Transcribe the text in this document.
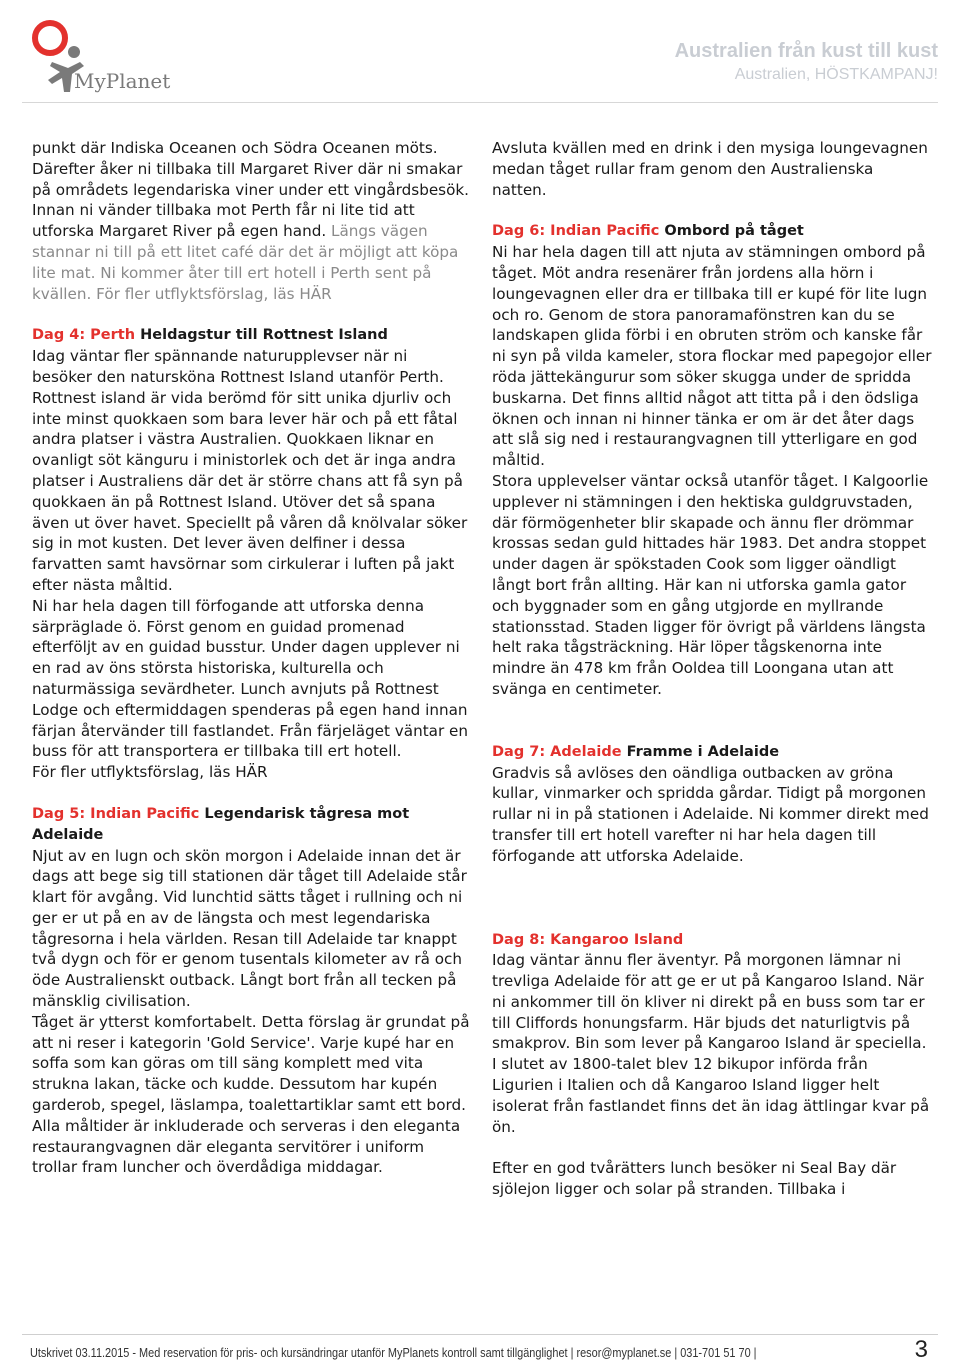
MyPlanet
Australien från kust till kust
Australien, HÖSTKAMPANJ!

punkt där Indiska Oceanen och Södra Oceanen möts. Därefter åker ni tillbaka till Margaret River där ni smakar på områdets legendariska viner under ett vingårdsbesök. Innan ni vänder tillbaka mot Perth får ni lite tid att utforska Margaret River på egen hand. Längs vägen stannar ni till på ett litet café där det är möjligt att köpa lite mat. Ni kommer åter till ert hotell i Perth sent på kvällen. För fler utflyktsförslag, läs HÄR

Dag 4: Perth Heldagstur till Rottnest Island

Idag väntar fler spännande naturupplevser när ni besöker den natursköna Rottnest Island utanför Perth. Rottnest island är vida berömd för sitt unika djurliv och inte minst quokkaen som bara lever här och på ett fåtal andra platser i västra Australien. Quokkaen liknar en ovanligt söt känguru i ministorlek och det är inga andra platser i Australiens där det är större chans att få syn på quokkaen än på Rottnest Island. Utöver det så spana även ut över havet. Speciellt på våren då knölvalar söker sig in mot kusten. Det lever även delfiner i dessa farvatten samt havsörnar som cirkulerar i luften på jakt efter nästa måltid.

Ni har hela dagen till förfogande att utforska denna särpräglade ö. Först genom en guidad promenad efterföljt av en guidad busstur. Under dagen upplever ni en rad av öns största historiska, kulturella och naturmässiga sevärdheter. Lunch avnjuts på Rottnest Lodge och eftermiddagen spenderas på egen hand innan färjan återvänder till fastlandet. Från färjeläget väntar en buss för att transportera er tillbaka till ert hotell.

För fler utflyktsförslag, läs HÄR

Dag 5: Indian Pacific Legendarisk tågresa mot Adelaide

Njut av en lugn och skön morgon i Adelaide innan det är dags att bege sig till stationen där tåget till Adelaide står klart för avgång. Vid lunchtid sätts tåget i rullning och ni ger er ut på en av de längsta och mest legendariska tågresorna i hela världen. Resan till Adelaide tar knappt två dygn och för er genom tusentals kilometer av rå och öde Australienskt outback. Långt bort från all tecken på mänsklig civilisation.

Tåget är ytterst komfortabelt. Detta förslag är grundat på att ni reser i kategorin 'Gold Service'. Varje kupé har en soffa som kan göras om till säng komplett med vita strukna lakan, täcke och kudde. Dessutom har kupén garderob, spegel, läslampa, toalettartiklar samt ett bord. Alla måltider är inkluderade och serveras i den eleganta restaurangvagnen där eleganta servitörer i uniform trollar fram luncher och överdådiga middagar.

Avsluta kvällen med en drink i den mysiga loungevagnen medan tåget rullar fram genom den Australienska natten.

Dag 6: Indian Pacific Ombord på tåget

Ni har hela dagen till att njuta av stämningen ombord på tåget. Möt andra resenärer från jordens alla hörn i loungevagnen eller dra er tillbaka till er kupé för lite lugn och ro. Genom de stora panoramafönstren kan du se landskapen glida förbi i en obruten ström och kanske får ni syn på vilda kameler, stora flockar med papegojor eller röda jättekängurur som söker skugga under de spridda buskarna. Det finns alltid något att titta på i den ödsliga öknen och innan ni hinner tänka er om är det åter dags att slå sig ned i restaurangvagnen till ytterligare en god måltid.

Stora upplevelser väntar också utanför tåget. I Kalgoorlie upplever ni stämningen i den hektiska guldgruvstaden, där förmögenheter blir skapade och ännu fler drömmar krossas sedan guld hittades här 1983. Det andra stoppet under dagen är spökstaden Cook som ligger oändligt långt bort från allting. Här kan ni utforska gamla gator och byggnader som en gång utgjorde en myllrande stationsstad. Staden ligger för övrigt på världens längsta helt raka tågsträckning. Här löper tågskenorna inte mindre än 478 km från Ooldea till Loongana utan att svänga en centimeter.

Dag 7: Adelaide Framme i Adelaide

Gradvis så avlöses den oändliga outbacken av gröna kullar, vinmarker och spridda gårdar. Tidigt på morgonen rullar ni in på stationen i Adelaide. Ni kommer direkt med transfer till ert hotell varefter ni har hela dagen till förfogande att utforska Adelaide.

Dag 8: Kangaroo Island

Idag väntar ännu fler äventyr. På morgonen lämnar ni trevliga Adelaide för att ge er ut på Kangaroo Island. När ni ankommer till ön kliver ni direkt på en buss som tar er till Cliffords honungsfarm. Här bjuds det naturligtvis på smakprov. Bin som lever på Kangaroo Island är speciella. I slutet av 1800-talet blev 12 bikupor införda från Ligurien i Italien och då Kangaroo Island ligger helt isolerat från fastlandet finns det än idag ättlingar kvar på ön.

Efter en god tvårätters lunch besöker ni Seal Bay där sjölejon ligger och solar på stranden. Tillbaka i

Utskrivet 03.11.2015 - Med reservation för pris- och kursändringar utanför MyPlanets kontroll samt tillgänglighet | resor@myplanet.se | 031-701 51 70 |	3
